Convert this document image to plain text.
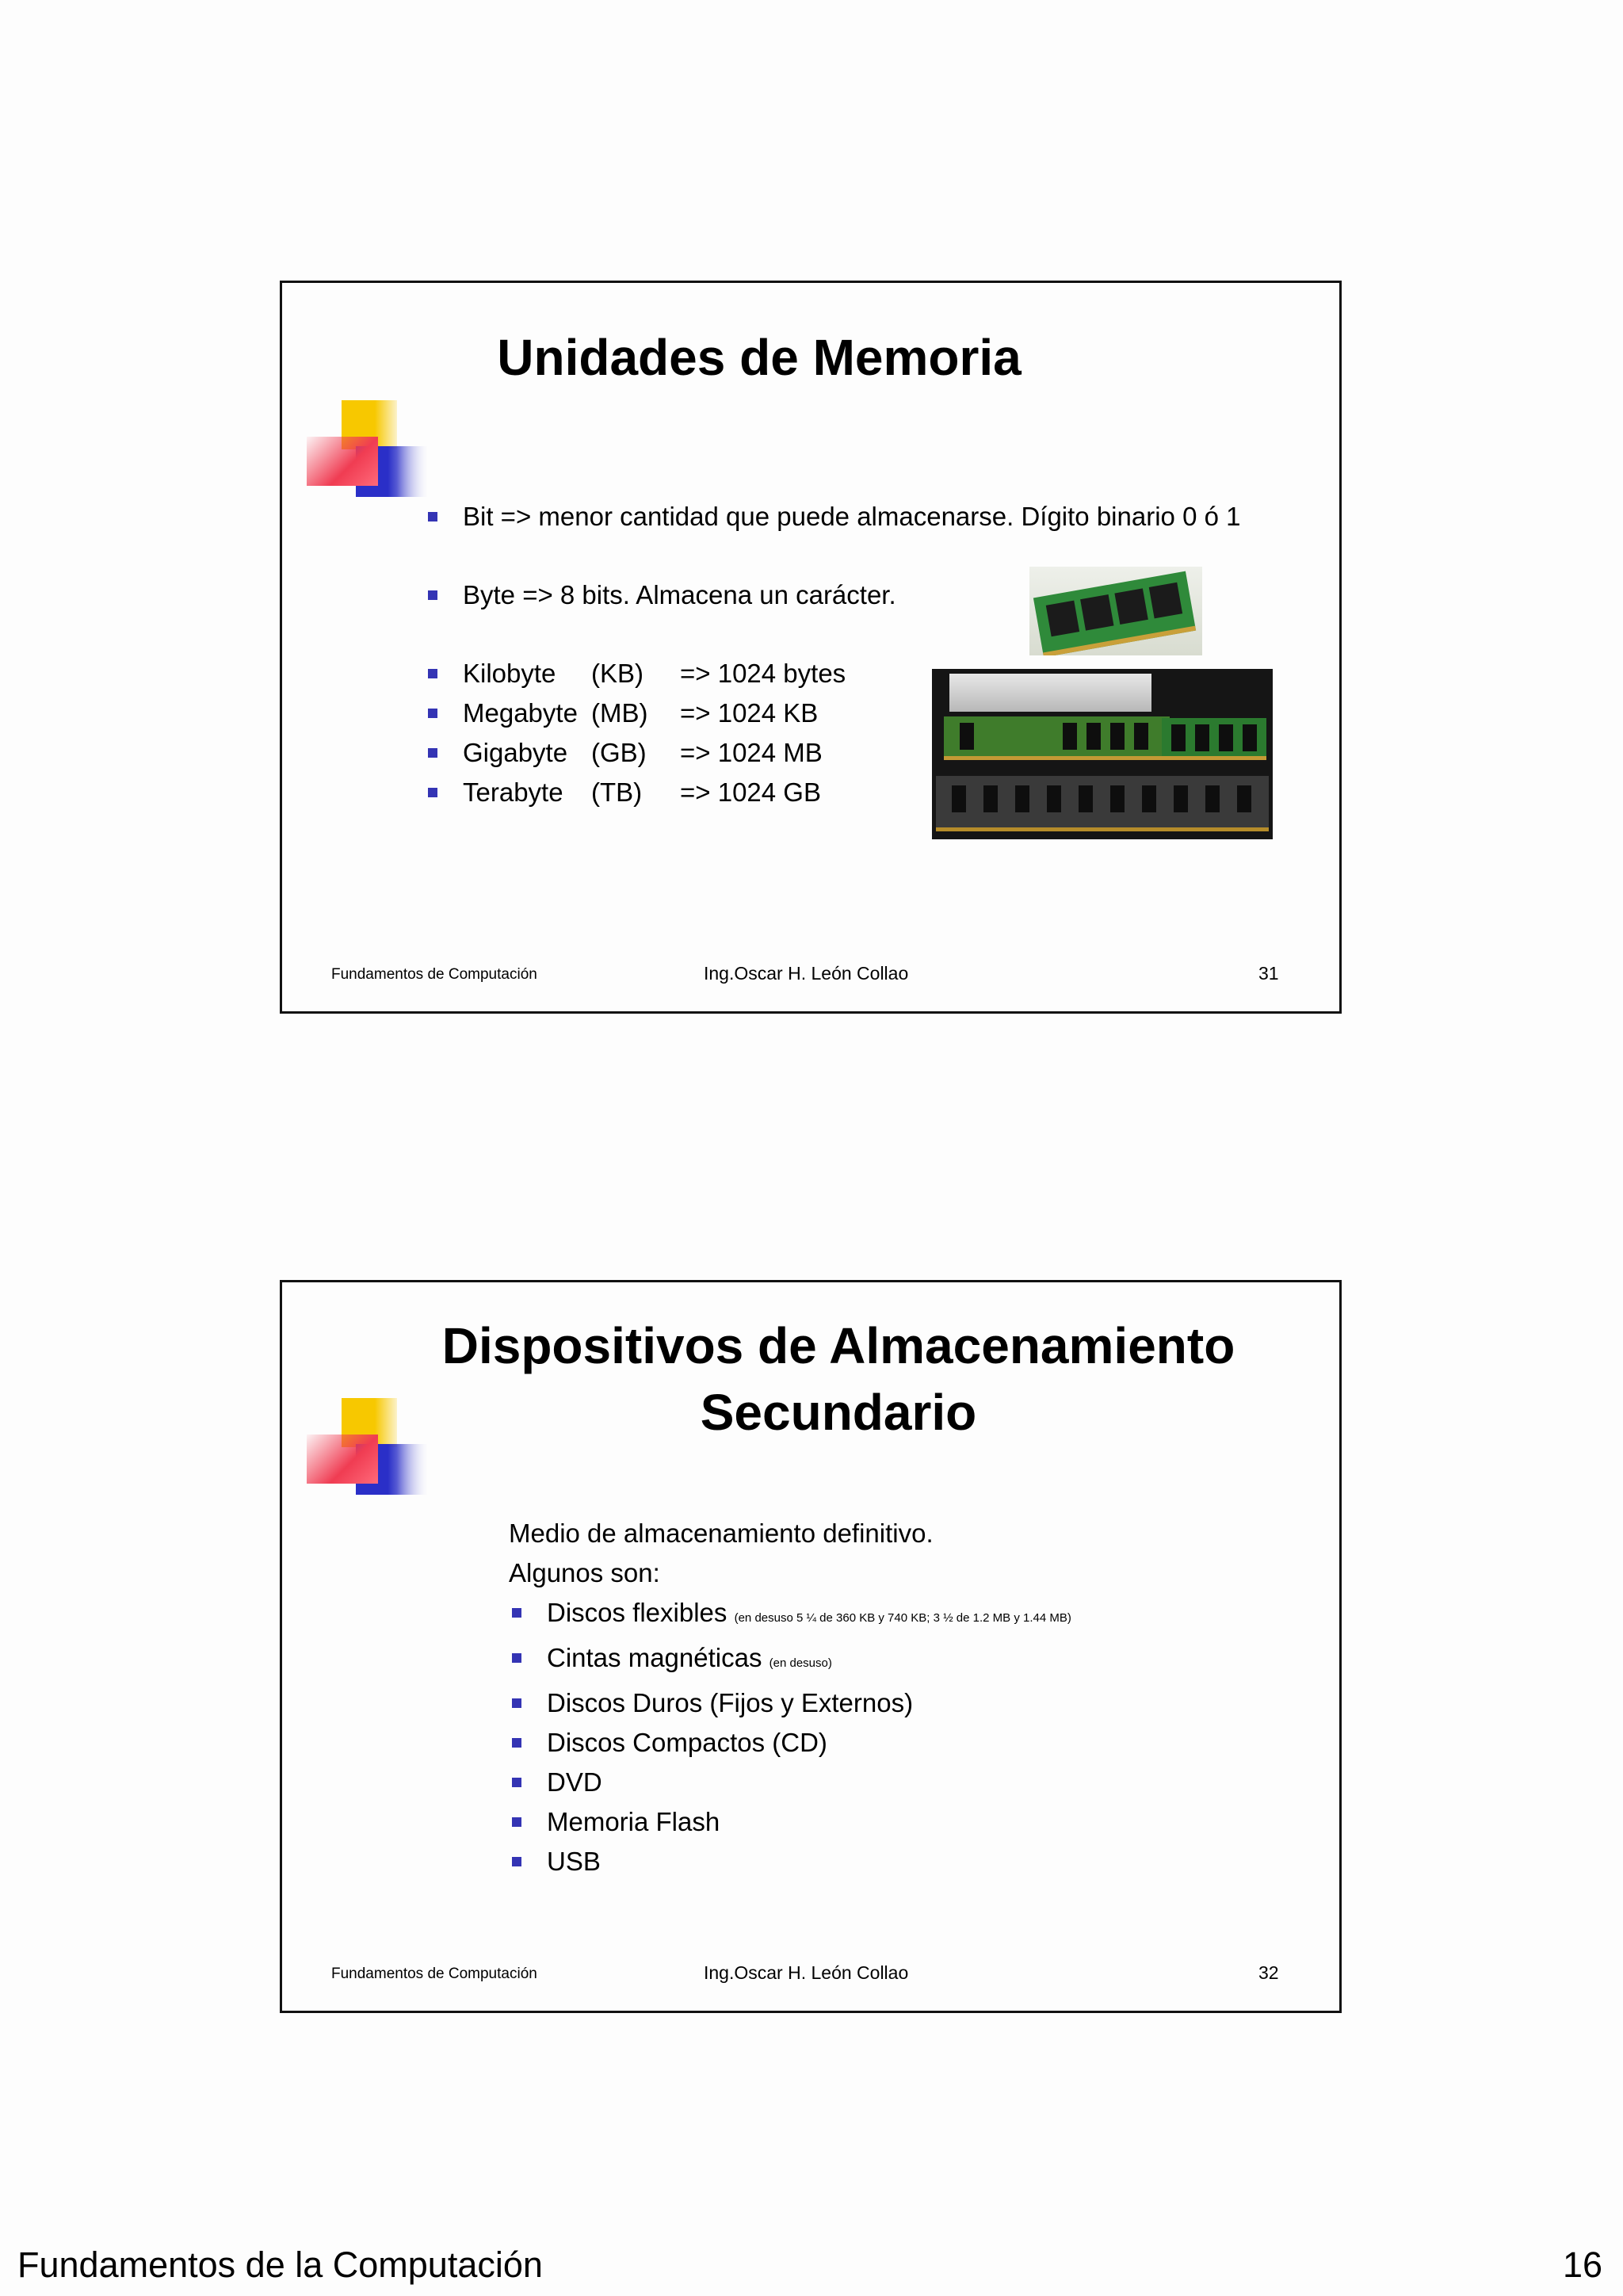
Unidades de Memoria
Bit => menor cantidad que puede almacenarse. Dígito binario 0 ó 1
Byte => 8 bits. Almacena un carácter.
Kilobyte (KB) => 1024 bytes
Megabyte (MB) => 1024 KB
Gigabyte (GB) => 1024 MB
Terabyte (TB) => 1024 GB
Fundamentos de Computación	Ing.Oscar H. León Collao	31
Dispositivos de Almacenamiento
Secundario
Medio de almacenamiento definitivo.
Algunos son:
Discos flexibles (en desuso 5 ¼ de 360 KB y 740 KB; 3 ½ de 1.2 MB y 1.44 MB)
Cintas magnéticas (en desuso)
Discos Duros (Fijos y Externos)
Discos Compactos (CD)
DVD
Memoria Flash
USB
Fundamentos de Computación	Ing.Oscar H. León Collao	32
Fundamentos de la Computación	16
